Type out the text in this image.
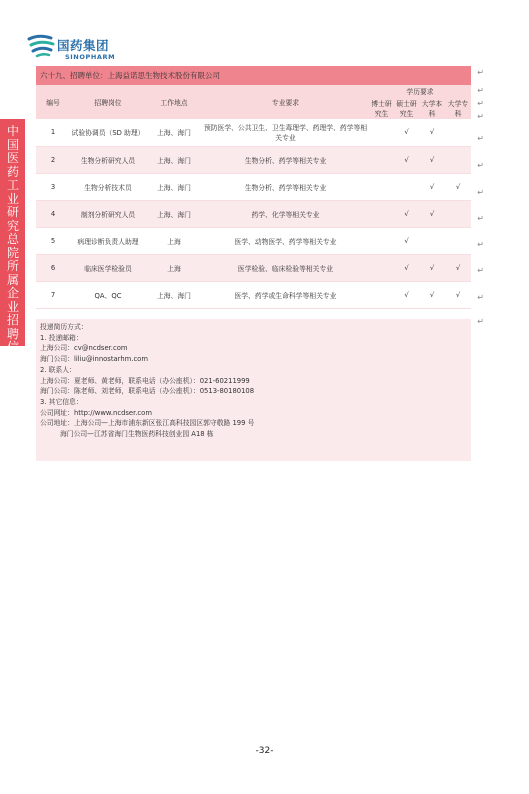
国药集团
SINOPHARM
中国医药工业研究总院所属企业招聘信息
六十九、招聘单位：上海益诺思生物技术股份有限公司
编号	招聘岗位	工作地点	专业要求	学历要求			
				博士研究生	硕士研究生	大学本科	大学专科
1	试验协调员（SD 助理）	上海、海门	预防医学、公共卫生、卫生毒理学、药理学、药学等相关专业		√	√	
2	生物分析研究人员	上海、海门	生物分析、药学等相关专业		√	√	
3	生物分析技术员	上海、海门	生物分析、药学等相关专业			√	√
4	制剂分析研究人员	上海、海门	药学、化学等相关专业		√	√	
5	病理诊断负责人助理	上海	医学、动物医学、药学等相关专业		√		
6	临床医学检验员	上海	医学检验、临床检验等相关专业		√	√	√
7	QA、QC	上海、海门	医学、药学或生命科学等相关专业		√	√	√
投递简历方式：
1. 投递邮箱：
上海公司：cv@ncdser.com
海门公司：liliu@innostarhm.com
2. 联系人：
上海公司：夏老师、黄老师，联系电话（办公座机）：021-60211999
海门公司：陈老师、刘老师，联系电话（办公座机）：0513-80180108
3. 其它信息：
公司网址：http://www.ncdser.com
公司地址：上海公司—上海市浦东新区张江高科技园区郭守敬路 199 号
海门公司—江苏省海门生物医药科技创业园 A18 栋
↵
↵
↵
↵
↵
↵
↵
↵
↵
↵
↵
↵
-32-
